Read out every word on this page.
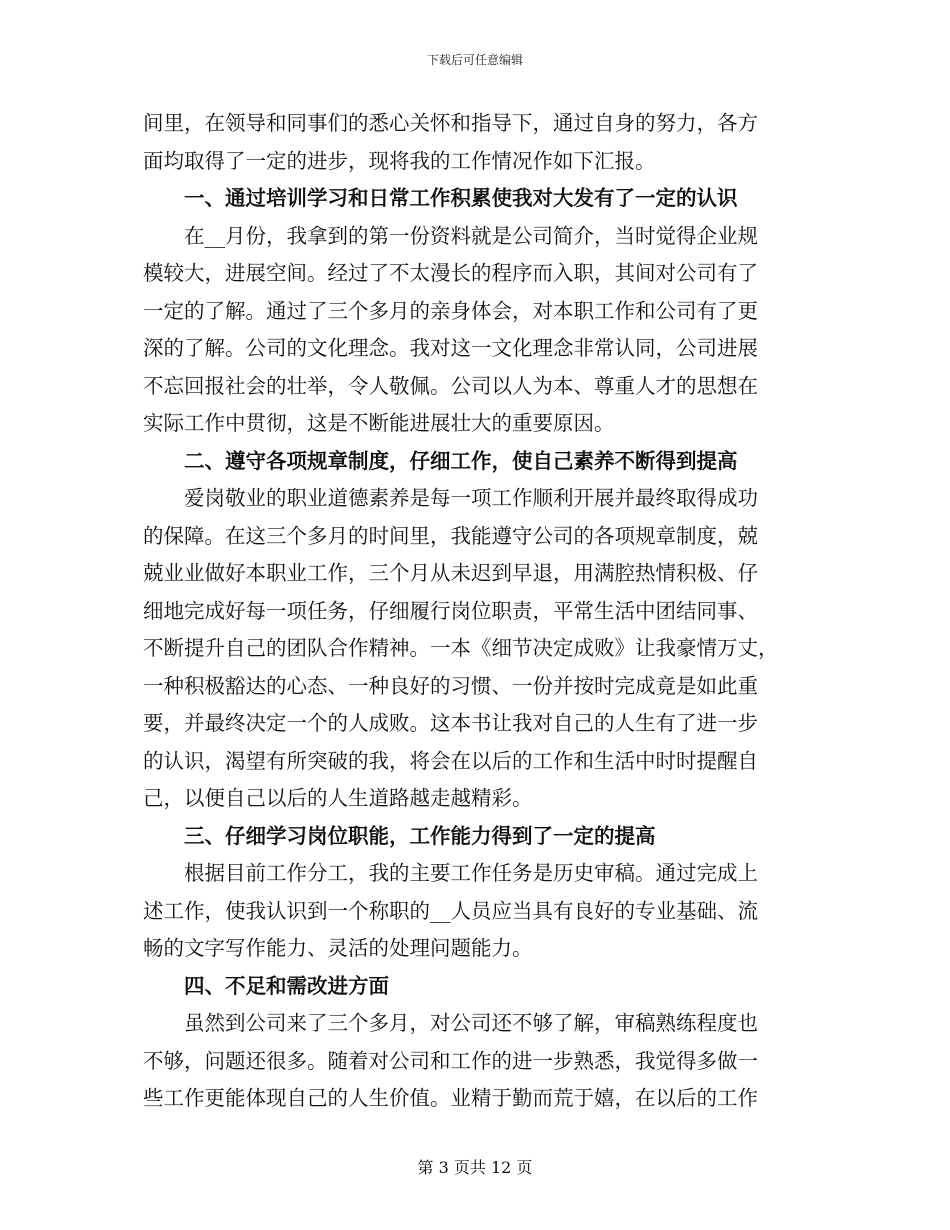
下载后可任意编辑
间里，在领导和同事们的悉心关怀和指导下，通过自身的努力，各方
面均取得了一定的进步，现将我的工作情况作如下汇报。
一、通过培训学习和日常工作积累使我对大发有了一定的认识
在__月份，我拿到的第一份资料就是公司简介，当时觉得企业规
模较大，进展空间。经过了不太漫长的程序而入职，其间对公司有了
一定的了解。通过了三个多月的亲身体会，对本职工作和公司有了更
深的了解。公司的文化理念。我对这一文化理念非常认同，公司进展
不忘回报社会的壮举，令人敬佩。公司以人为本、尊重人才的思想在
实际工作中贯彻，这是不断能进展壮大的重要原因。
二、遵守各项规章制度，仔细工作，使自己素养不断得到提高
爱岗敬业的职业道德素养是每一项工作顺利开展并最终取得成功
的保障。在这三个多月的时间里，我能遵守公司的各项规章制度，兢
兢业业做好本职业工作，三个月从未迟到早退，用满腔热情积极、仔
细地完成好每一项任务，仔细履行岗位职责，平常生活中团结同事、
不断提升自己的团队合作精神。一本《细节决定成败》让我豪情万丈，
一种积极豁达的心态、一种良好的习惯、一份并按时完成竟是如此重
要，并最终决定一个的人成败。这本书让我对自己的人生有了进一步
的认识，渴望有所突破的我，将会在以后的工作和生活中时时提醒自
己，以便自己以后的人生道路越走越精彩。
三、仔细学习岗位职能，工作能力得到了一定的提高
根据目前工作分工，我的主要工作任务是历史审稿。通过完成上
述工作，使我认识到一个称职的__人员应当具有良好的专业基础、流
畅的文字写作能力、灵活的处理问题能力。
四、不足和需改进方面
虽然到公司来了三个多月，对公司还不够了解，审稿熟练程度也
不够，问题还很多。随着对公司和工作的进一步熟悉，我觉得多做一
些工作更能体现自己的人生价值。业精于勤而荒于嬉，在以后的工作
第 3 页共 12 页
